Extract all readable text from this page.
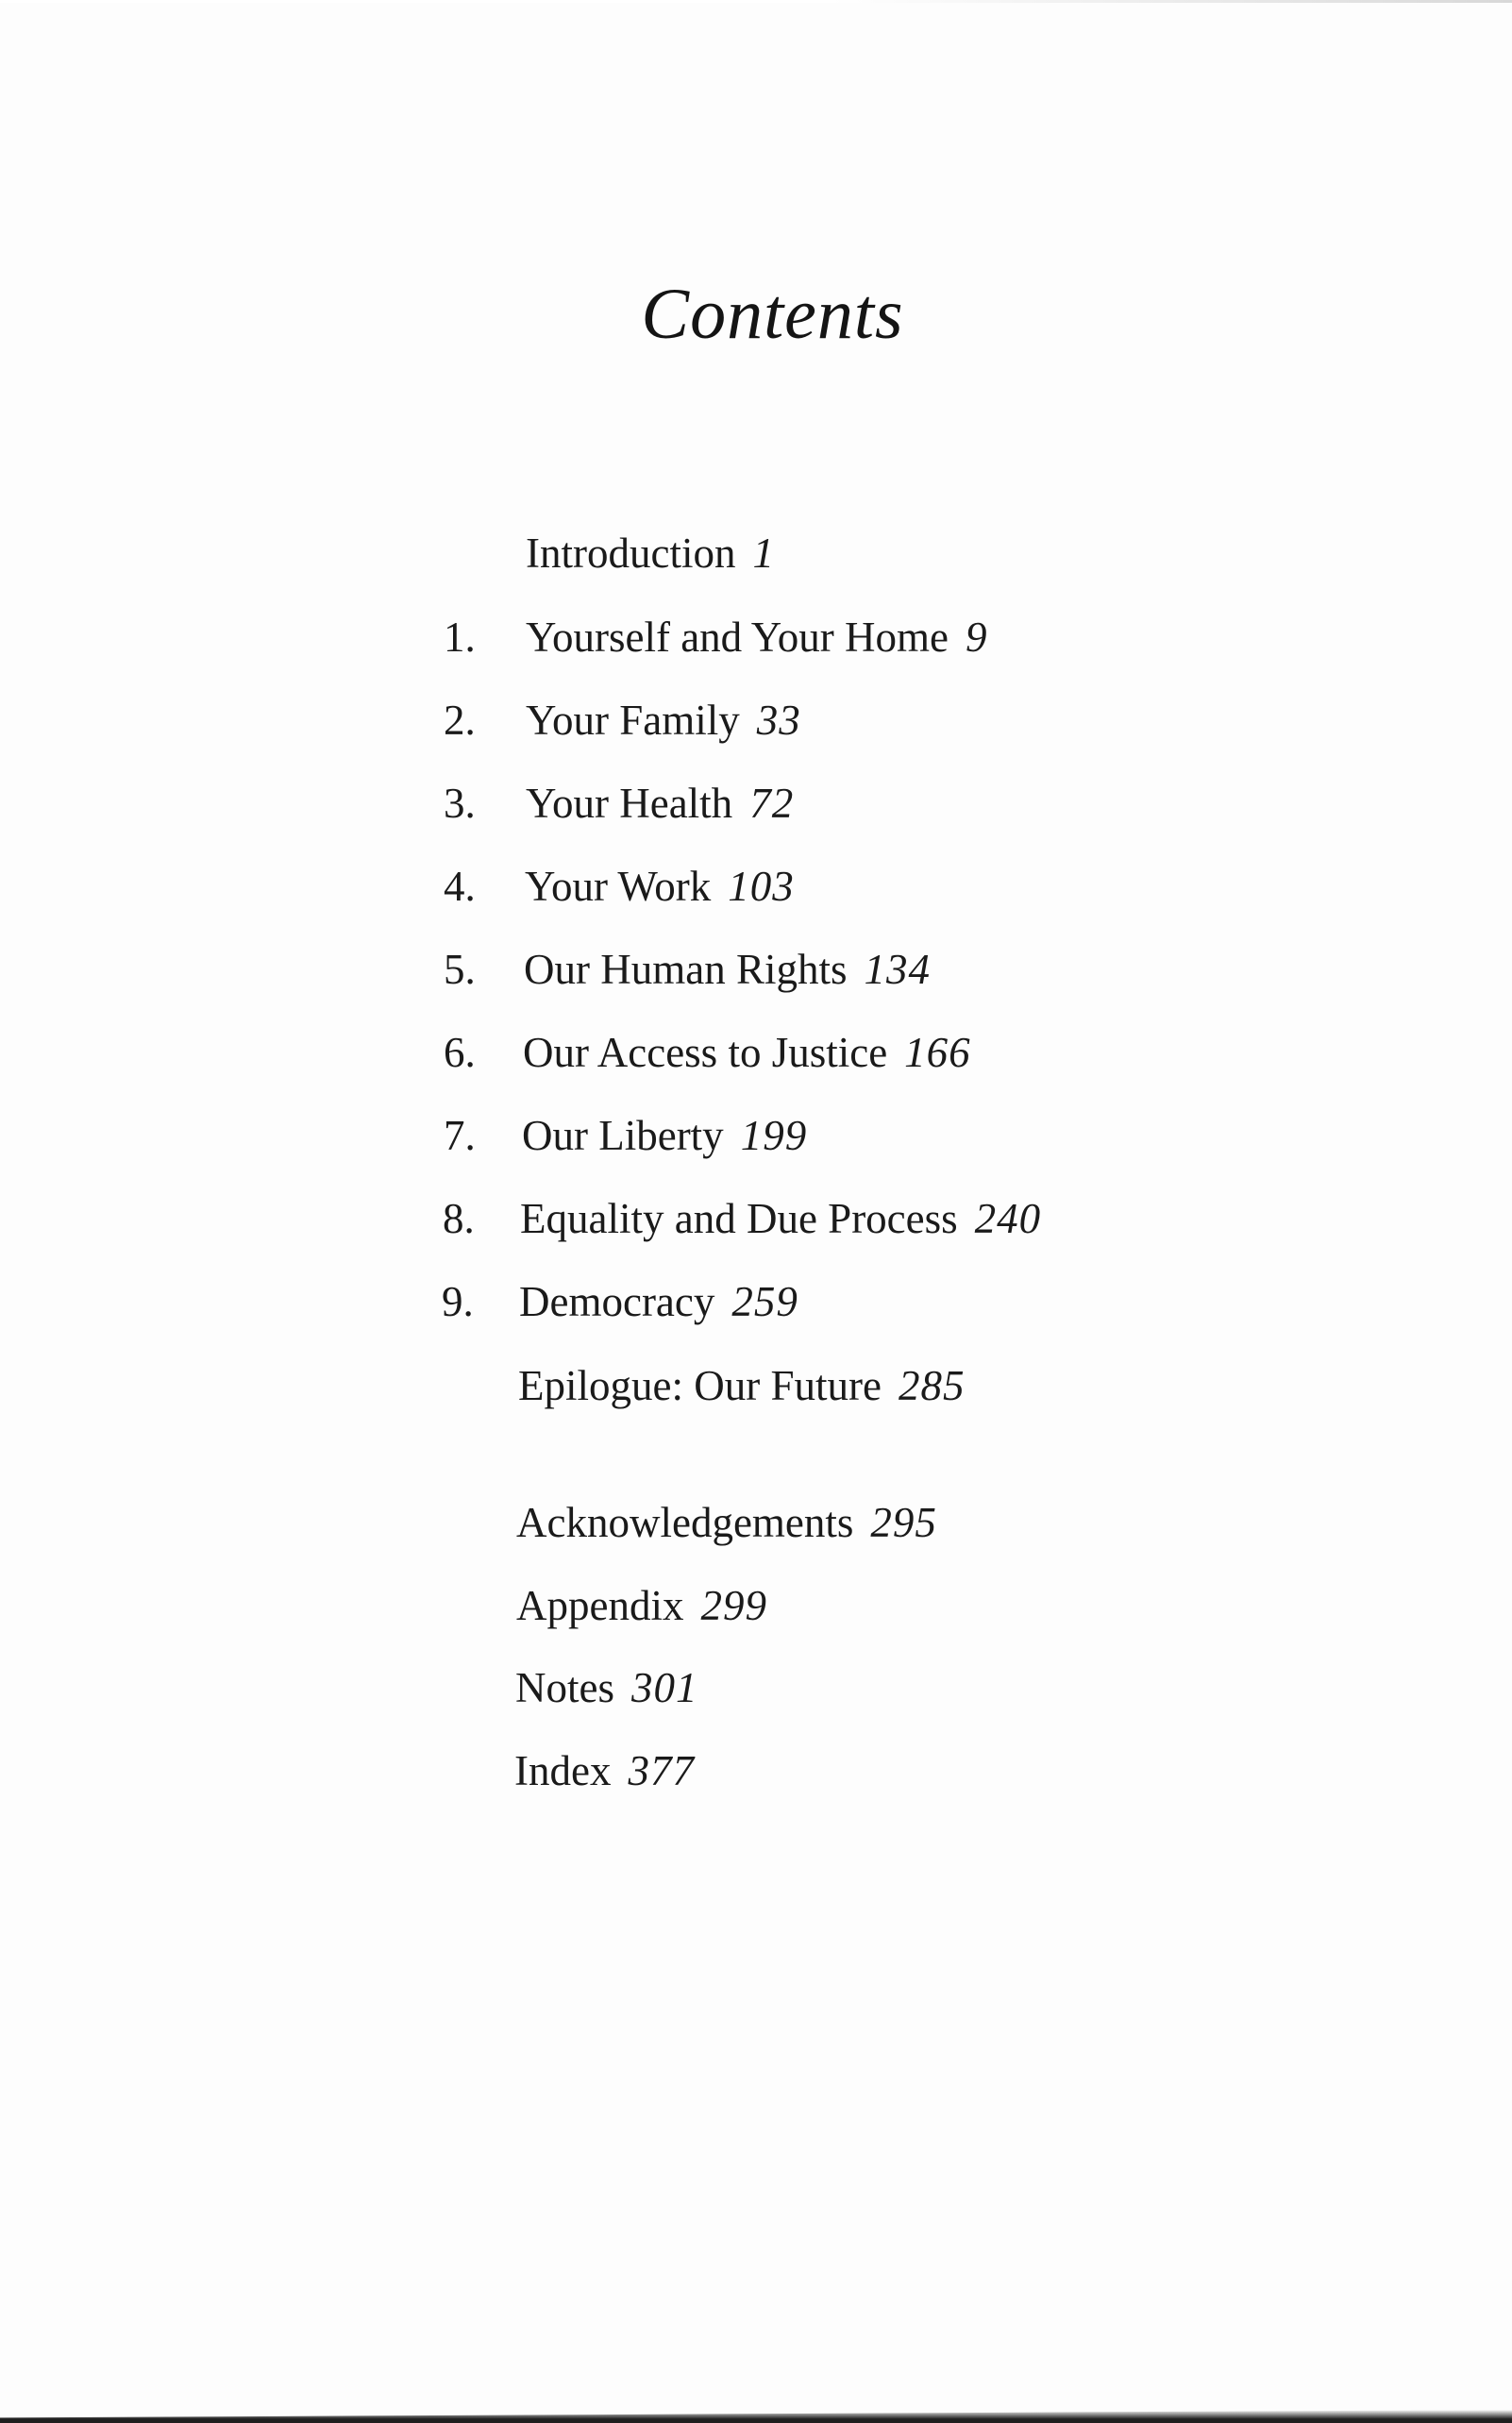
Contents
Introduction 1
1.	Yourself and Your Home 9
2.	Your Family 33
3.	Your Health 72
4.	Your Work 103
5.	Our Human Rights 134
6.	Our Access to Justice 166
7.	Our Liberty 199
8.	Equality and Due Process 240
9.	Democracy 259
Epilogue: Our Future 285
Acknowledgements 295
Appendix 299
Notes 301
Index 377
